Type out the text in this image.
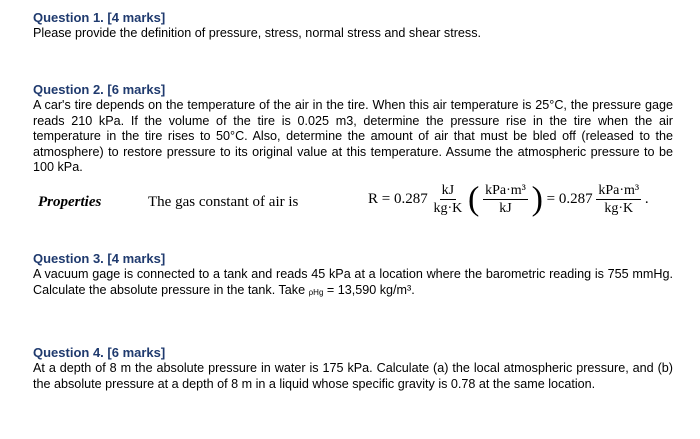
Question 1. [4 marks]
Please provide the definition of pressure, stress, normal stress and shear stress.
Question 2. [6 marks]
A car's tire depends on the temperature of the air in the tire. When this air temperature is 25°C, the pressure gage reads 210 kPa. If the volume of the tire is 0.025 m3, determine the pressure rise in the tire when the air temperature in the tire rises to 50°C. Also, determine the amount of air that must be bled off (released to the atmosphere) to restore pressure to its original value at this temperature. Assume the atmospheric pressure to be 100 kPa.
Properties	The gas constant of air is	$R = 0.287 \frac{kJ}{kg\cdot K}$ ( $\frac{\text{kPa·m³}}{kJ}$ ) = $0.287 \frac{\text{kPa·m³}}{kg\cdot K}$ .
Question 3. [4 marks]
A vacuum gage is connected to a tank and reads 45 kPa at a location where the barometric reading is 755 mmHg. Calculate the absolute pressure in the tank. Take ρHg = 13,590 kg/m³.
Question 4. [6 marks]
At a depth of 8 m the absolute pressure in water is 175 kPa. Calculate (a) the local atmospheric pressure, and (b) the absolute pressure at a depth of 8 m in a liquid whose specific gravity is 0.78 at the same location.
